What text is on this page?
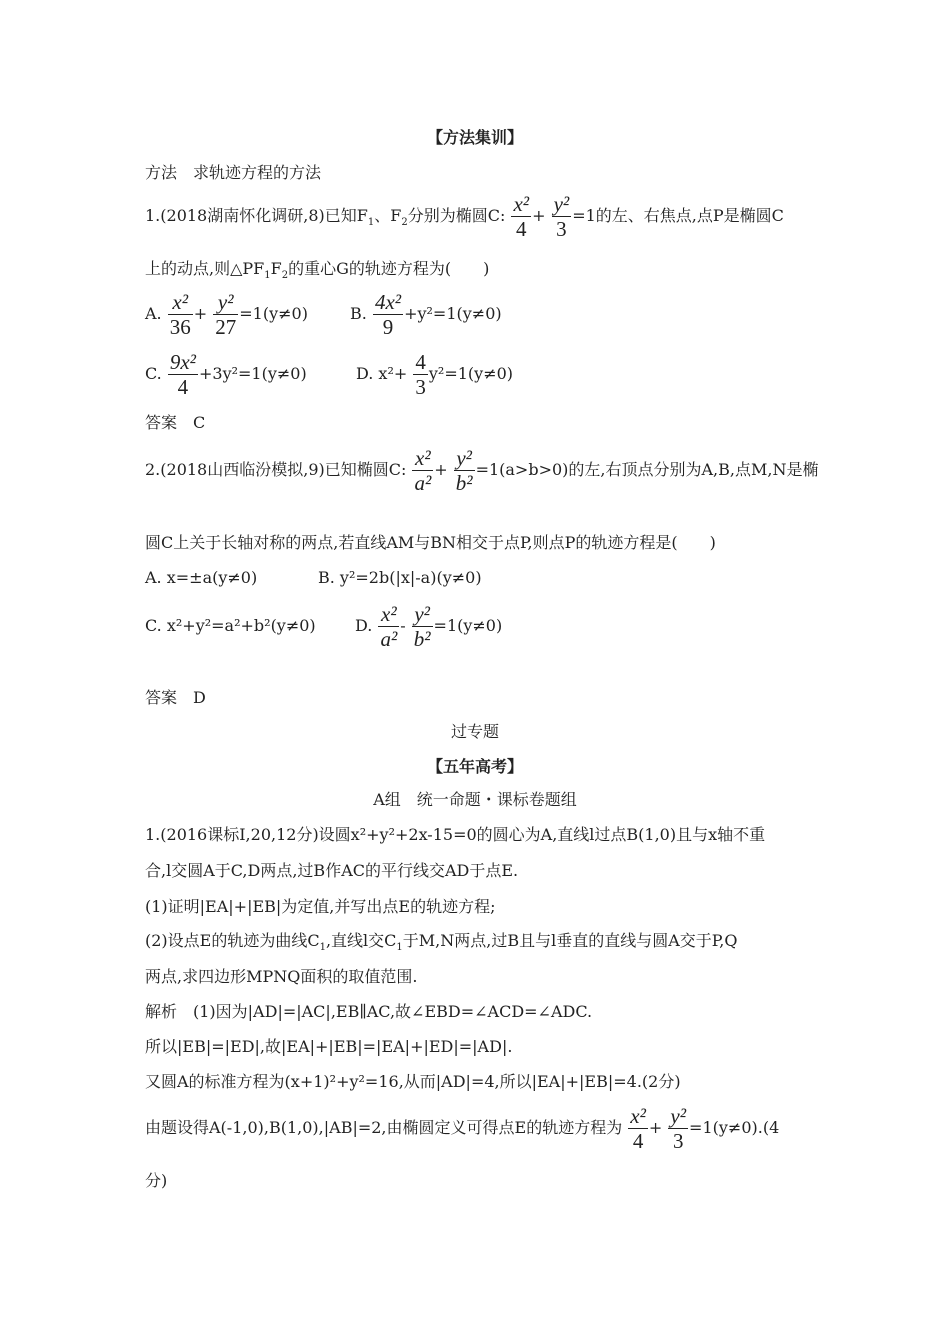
【方法集训】
方法　求轨迹方程的方法
1.(2018湖南怀化调研,8)已知$F_1$、$F_2$分别为椭圆C: $\frac{\text{x²}}{4} + \frac{\text{y²}}{3} =1$的左、右焦点,点P是椭圆C
上的动点,则$\triangle PF_1F_2$的重心G的轨迹方程为(　　)
A. $\frac{\text{x²}}{36} + \frac{\text{y²}}{27} =1(y\ne 0)$	B. $\frac{\text{4x²}}{9} +y^2=1(y\ne 0)$
C. $\frac{\text{9x²}}{4} +3y^2=1(y\ne 0)$	D. $x^2+ \frac{4}{3} y^2=1(y\ne 0)$
答案　C
2.(2018山西临汾模拟,9)已知椭圆C: $\frac{\text{x²}}{\text{a²}} + \frac{\text{y²}}{\text{b²}} =1(a>b>0)$的左,右顶点分别为A,B,点M,N是椭
圆C上关于长轴对称的两点,若直线AM与BN相交于点P,则点P的轨迹方程是(　　)
A. x=±a(y≠0)	B. y²=2b(|x|-a)(y≠0)
C. x²+y²=a²+b²(y≠0) D. $\frac{\text{x²}}{\text{a²}} - \frac{\text{y²}}{\text{b²}} =1(y\ne 0)$
答案　D
过专题
【五年高考】
A组　统一命题・课标卷题组
1.(2016课标Ⅰ,20,12分)设圆x²+y²+2x-15=0的圆心为A,直线l过点B(1,0)且与x轴不重
合,l交圆A于C,D两点,过B作AC的平行线交AD于点E.
(1)证明|EA|+|EB|为定值,并写出点E的轨迹方程;
(2)设点E的轨迹为曲线$C_1$,直线l交$C_1$于M,N两点,过B且与l垂直的直线与圆A交于P,Q
两点,求四边形MPNQ面积的取值范围.
解析　(1)因为|AD|=|AC|,EB∥AC,故∠EBD=∠ACD=∠ADC.
所以|EB|=|ED|,故|EA|+|EB|=|EA|+|ED|=|AD|.
又圆A的标准方程为(x+1)²+y²=16,从而|AD|=4,所以|EA|+|EB|=4.(2分)
由题设得A(-1,0),B(1,0),|AB|=2,由椭圆定义可得点E的轨迹方程为 $\frac{\text{x²}}{4} + \frac{\text{y²}}{3} =1(y\ne 0).(4$
分)
